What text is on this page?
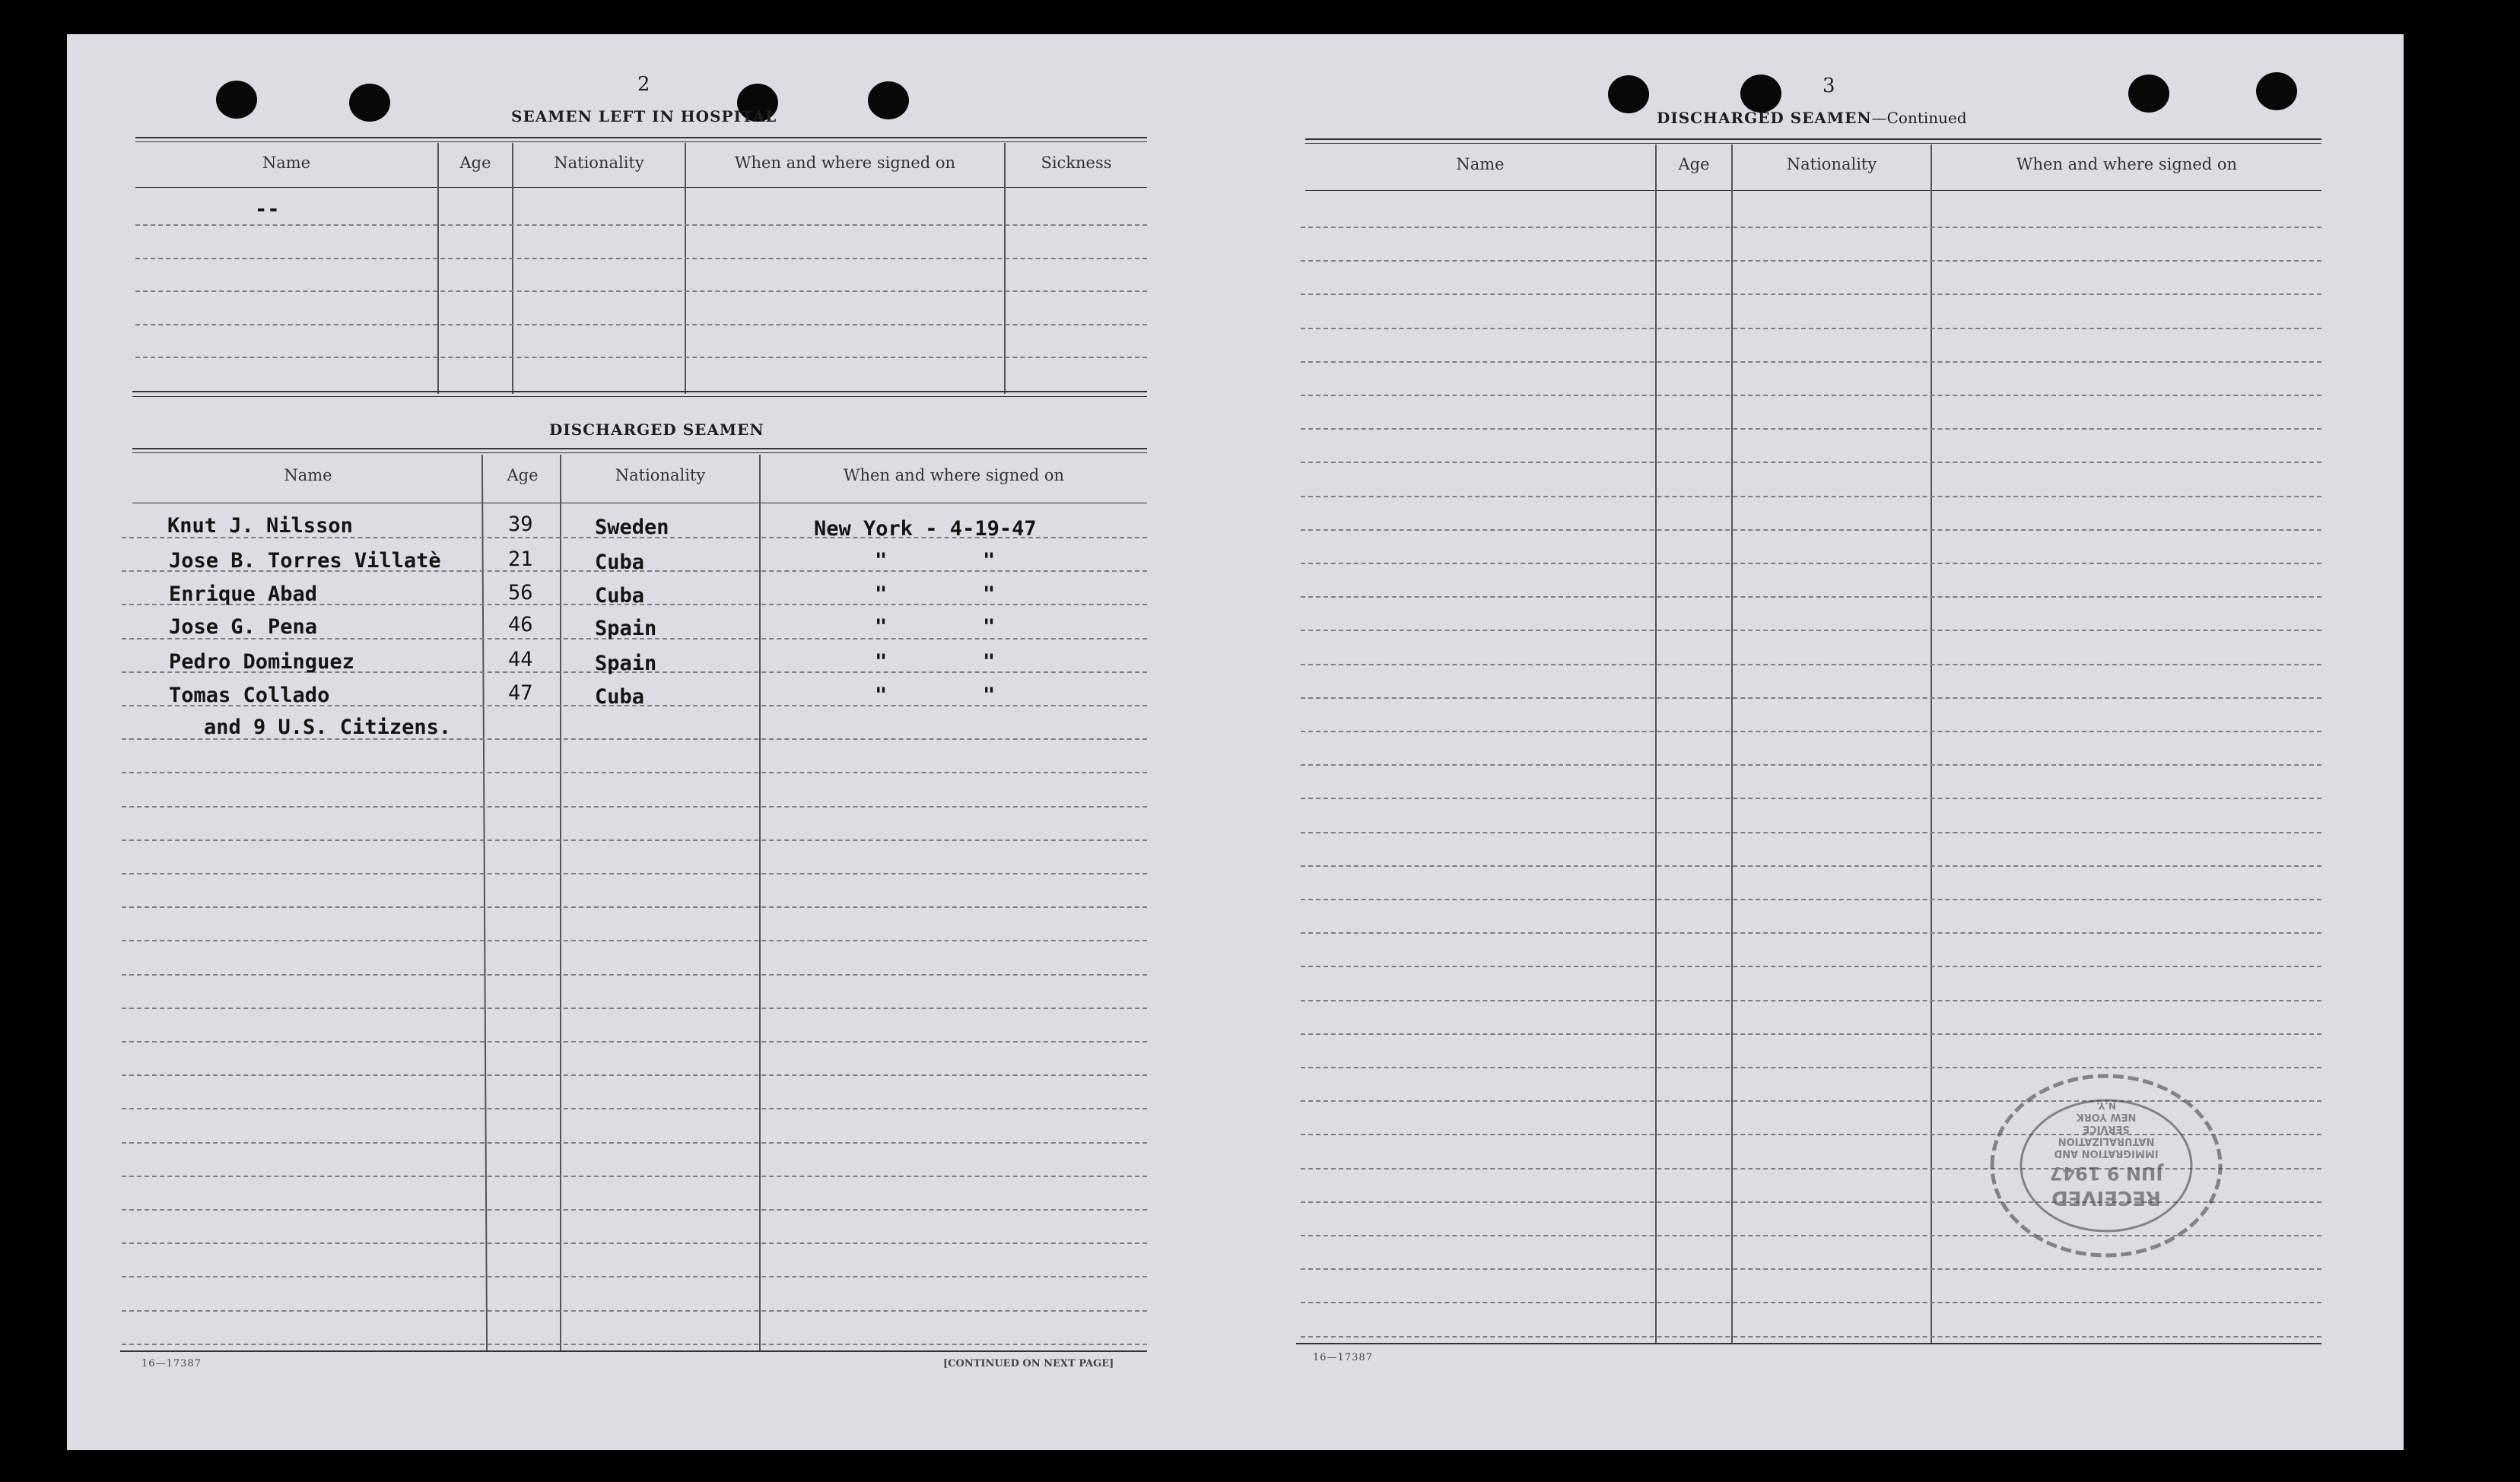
2
SEAMEN LEFT IN HOSPITAL
Name	Age	Nationality	When and where signed on	Sickness
--
DISCHARGED SEAMEN
Name	Age	Nationality	When and where signed on
Knut J. Nilsson	39	Sweden	New York - 4-19-47
Jose B. Torres Villatè	21	Cuba	"	"
Enrique Abad	56	Cuba	"	"
Jose G. Pena	46	Spain	"	"
Pedro Dominguez	44	Spain	"	"
Tomas Collado	47	Cuba	"	"
and 9 U.S. Citizens.
16—17387	[CONTINUED ON NEXT PAGE]
3
DISCHARGED SEAMEN—Continued
Name	Age	Nationality	When and where signed on
16—17387
RECEIVED
JUN 9 1947
IMMIGRATION AND
NATURALIZATION
SERVICE
NEW YORK
N.Y.
